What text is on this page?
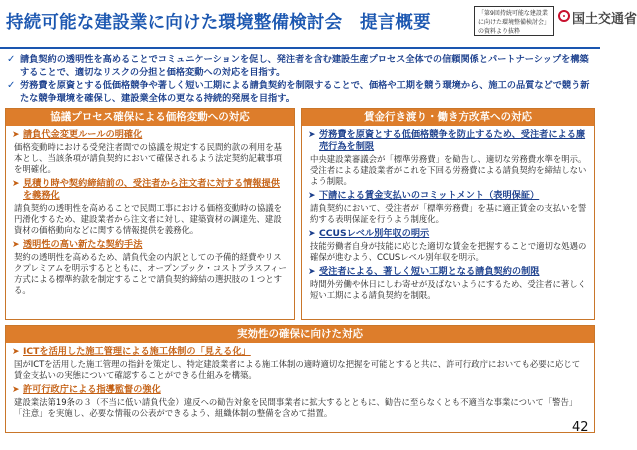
持続可能な建設業に向けた環境整備検討会　提言概要	「第9回持続可能な建設業に向けた環境整備検討会」の資料より抜粋
国土交通省
✓ 請負契約の透明性を高めることでコミュニケーションを促し、発注者を含む建設生産プロセス全体での信頼関係とパートナーシップを構築することで、適切なリスクの分担と価格変動への対応を目指す。
✓ 労務費を原資とする低価格競争や著しく短い工期による請負契約を制限することで、価格や工期を競う環境から、施工の品質などで競う新たな競争環境を確保し、建設業全体の更なる持続的発展を目指す。
協議プロセス確保による価格変動への対応
➤ 請負代金変更ルールの明確化
価格変動時における受発注者間での協議を規定する民間約款の利用を基本とし、当該条項が請負契約において確保されるよう法定契約記載事項を明確化。
➤ 見積り時や契約締結前の、受注者から注文者に対する情報提供を義務化
請負契約の透明性を高めることで民間工事における価格変動時の協議を円滑化するため、建設業者から注文者に対し、建築資材の調達先、建設資材の価格動向などに関する情報提供を義務化。
➤ 透明性の高い新たな契約手法
契約の透明性を高めるため、請負代金の内訳としての予備的経費やリスクプレミアムを明示するとともに、オープンブック・コストプラスフィー方式による標準約款を制定することで請負契約締結の選択肢の１つとする。
賃金行き渡り・働き方改革への対応
➤ 労務費を原資とする低価格競争を防止するため、受注者による廉売行為を制限
中央建設業審議会が「標準労務費」を勧告し、適切な労務費水準を明示。受注者による建設業者がこれを下回る労務費による請負契約を締結しないよう制限。
➤ 下請による賃金支払いのコミットメント（表明保証）
請負契約において、受注者が「標準労務費」を基に適正賃金の支払いを誓約する表明保証を行うよう制度化。
➤ CCUSレベル別年収の明示
技能労働者自身が技能に応じた適切な賃金を把握することで適切な処遇の確保が進むよう、CCUSレベル別年収を明示。
➤ 受注者による、著しく短い工期となる請負契約の制限
時間外労働や休日にしわ寄せが及ばないようにするため、受注者に著しく短い工期による請負契約を制限。
実効性の確保に向けた対応
➤ ICTを活用した施工管理による施工体制の「見える化」
国がICTを活用した施工管理の指針を策定し、特定建設業者による施工体制の適時適切な把握を可能とすると共に、許可行政庁においても必要に応じて賃金支払いの実態について確認することができる仕組みを構築。
➤ 許可行政庁による指導監督の強化
建設業法第19条の３（不当に低い請負代金）違反への勧告対象を民間事業者に拡大するとともに、勧告に至らなくとも不適当な事業について「警告」「注意」を実施し、必要な情報の公表ができるよう、組織体制の整備を含めて措置。
42
